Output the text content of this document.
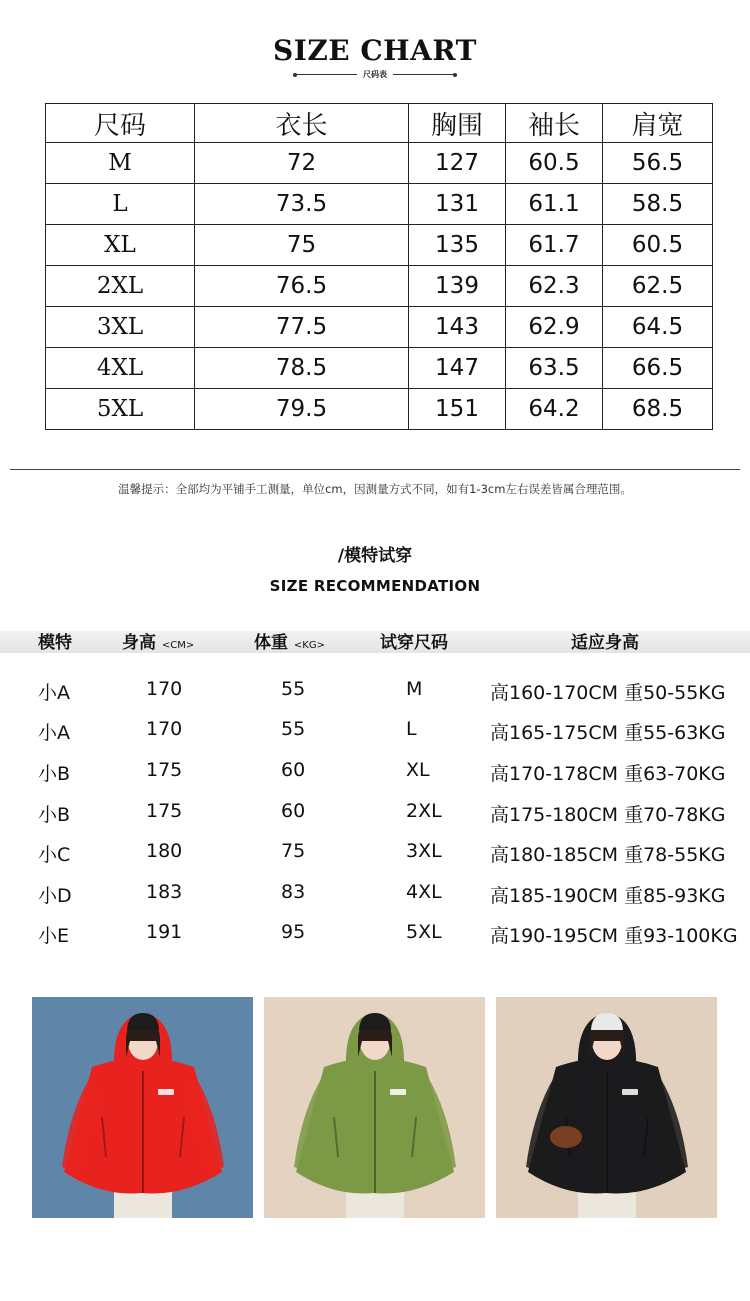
SIZE CHART
尺码表
尺码	衣长	胸围	袖长	肩宽
M	72	127	60.5	56.5
L	73.5	131	61.1	58.5
XL	75	135	61.7	60.5
2XL	76.5	139	62.3	62.5
3XL	77.5	143	62.9	64.5
4XL	78.5	147	63.5	66.5
5XL	79.5	151	64.2	68.5
温馨提示：全部均为平铺手工测量，单位cm，因测量方式不同，如有1-3cm左右误差皆属合理范围。
/模特试穿
SIZE RECOMMENDATION
模特	身高 <CM>	体重 <KG>	试穿尺码	适应身高
小A	170	55	M	高160-170CM 重50-55KG
小A	170	55	L	高165-175CM 重55-63KG
小B	175	60	XL	高170-178CM 重63-70KG
小B	175	60	2XL	高175-180CM 重70-78KG
小C	180	75	3XL	高180-185CM 重78-55KG
小D	183	83	4XL	高185-190CM 重85-93KG
小E	191	95	5XL	高190-195CM 重93-100KG
